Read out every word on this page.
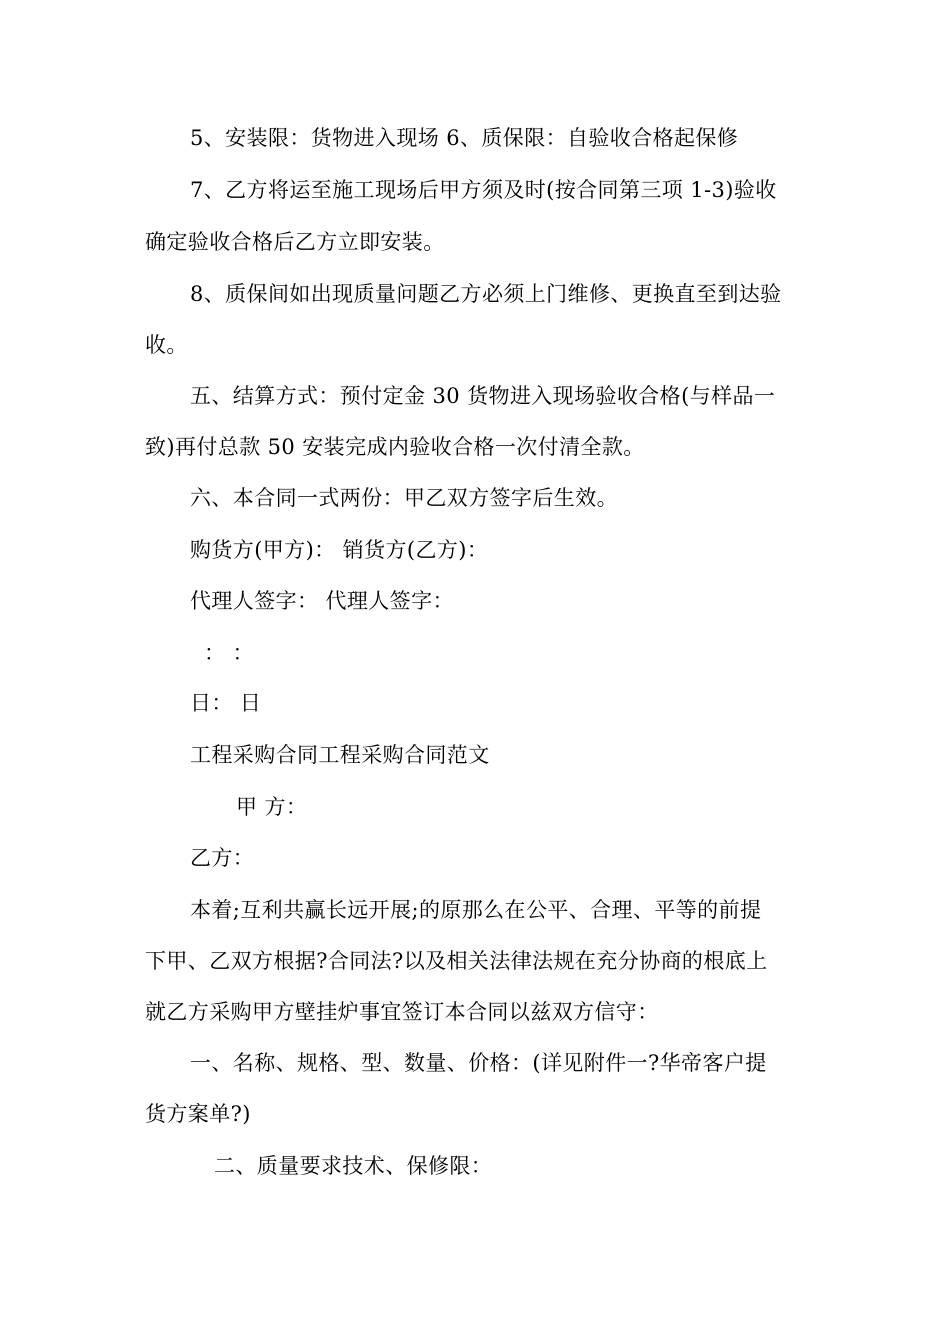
5、安装限：货物进入现场 6、质保限：自验收合格起保修
7、乙方将运至施工现场后甲方须及时(按合同第三项 1-3)验收
确定验收合格后乙方立即安装。
8、质保间如出现质量问题乙方必须上门维修、更换直至到达验
收。
五、结算方式：预付定金 30 货物进入现场验收合格(与样品一
致)再付总款 50 安装完成内验收合格一次付清全款。
六、本合同一式两份：甲乙双方签字后生效。
购货方(甲方)： 销货方(乙方)：
代理人签字： 代理人签字：
： ：
日： 日
工程采购合同工程采购合同范文
甲 方：
乙方：
本着;互利共赢长远开展;的原那么在公平、合理、平等的前提
下甲、乙双方根据?合同法?以及相关法律法规在充分协商的根底上
就乙方采购甲方壁挂炉事宜签订本合同以兹双方信守：
一、名称、规格、型、数量、价格：(详见附件一?华帝客户提
货方案单?)
二、质量要求技术、保修限：
